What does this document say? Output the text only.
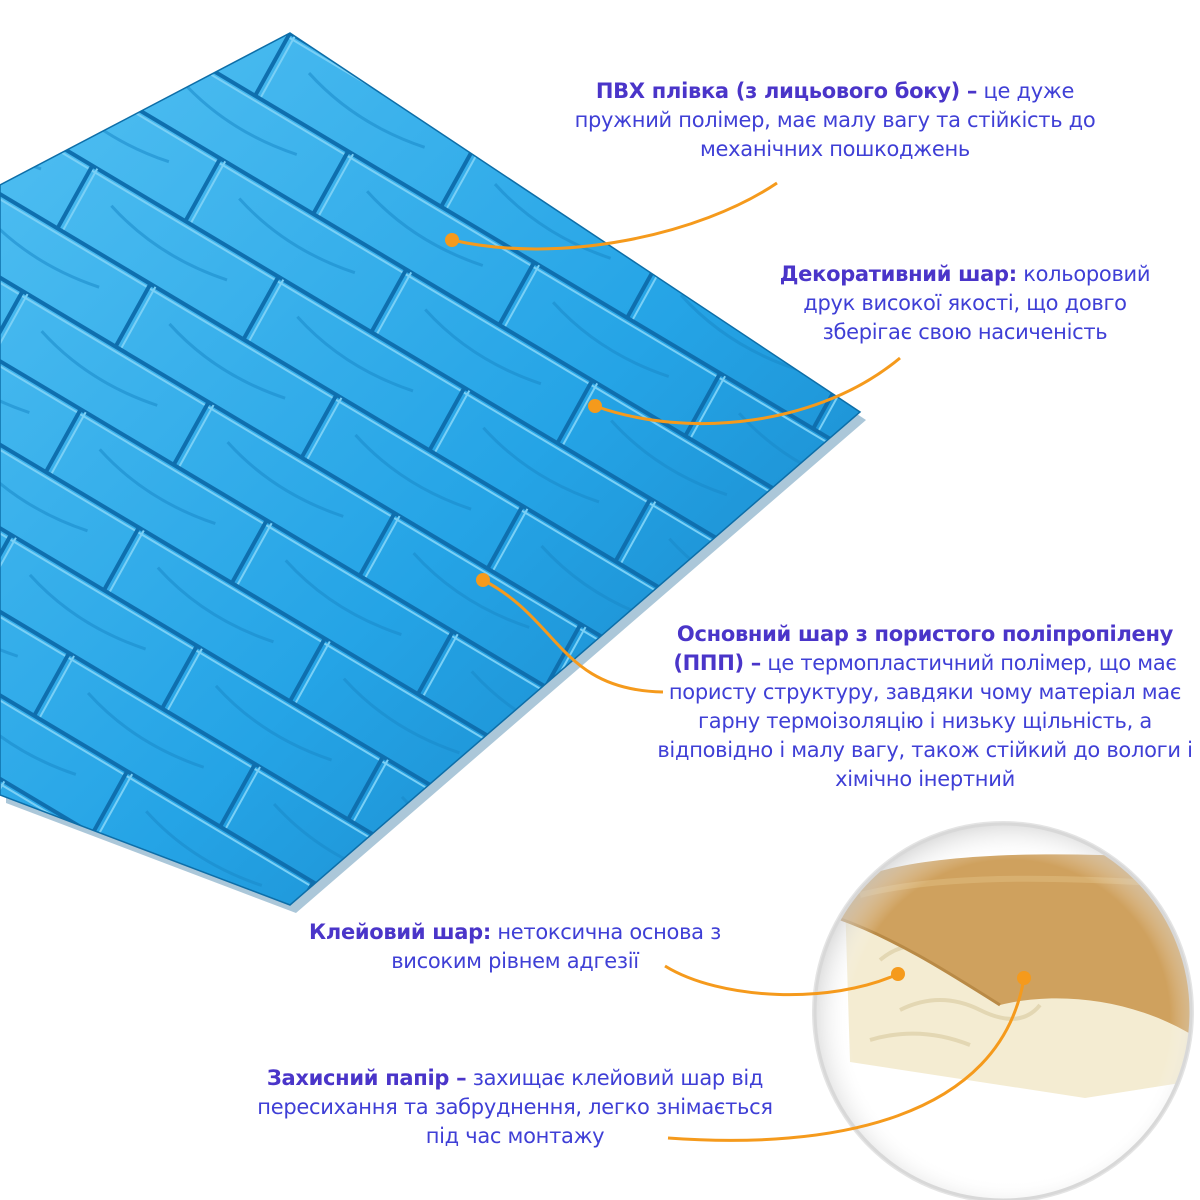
ПВХ плівка (з лицьового боку) – це дуже пружний полімер, має малу вагу та стійкість до механічних пошкоджень
Декоративний шар: кольоровий друк високої якості, що довго зберігає свою насиченість
Основний шар з пористого поліпропілену (ППП) – це термопластичний полімер, що має пористу структуру, завдяки чому матеріал має гарну термоізоляцію і низьку щільність, а відповідно і малу вагу, також стійкий до вологи і хімічно інертний
Клейовий шар: нетоксична основа з високим рівнем адгезії
Захисний папір – захищає клейовий шар від пересихання та забруднення, легко знімається під час монтажу
